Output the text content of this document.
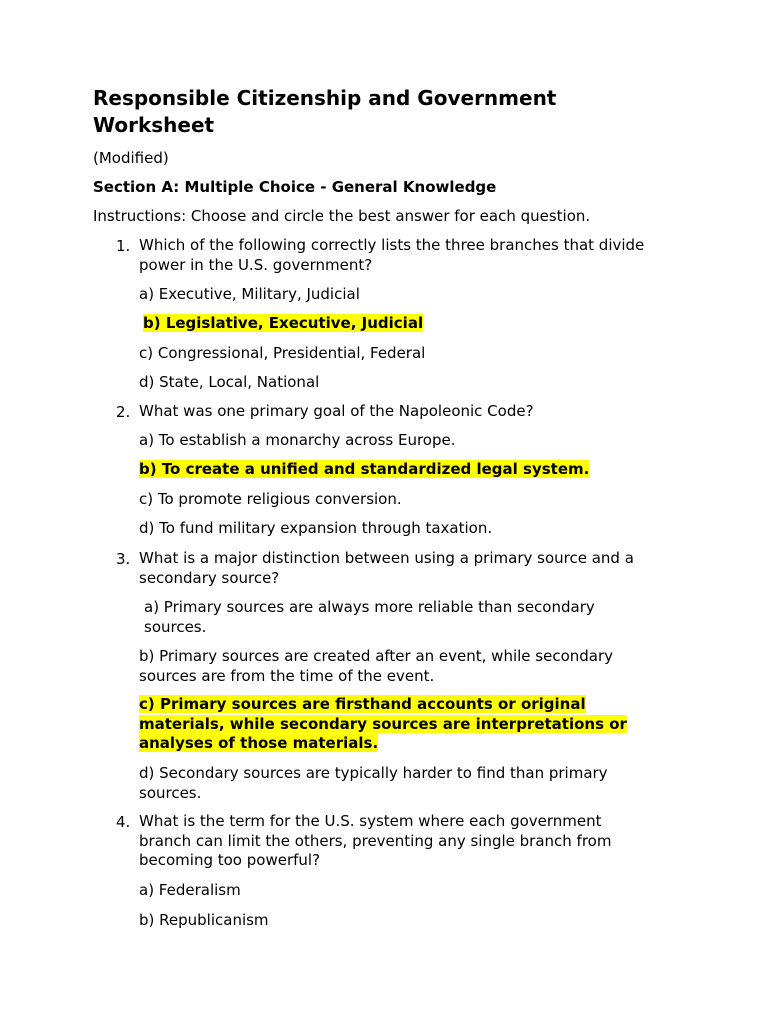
Responsible Citizenship and Government Worksheet

(Modified)

Section A: Multiple Choice - General Knowledge

Instructions: Choose and circle the best answer for each question.

1. Which of the following correctly lists the three branches that divide power in the U.S. government?

a) Executive, Military, Judicial

b) Legislative, Executive, Judicial

c) Congressional, Presidential, Federal

d) State, Local, National

2. What was one primary goal of the Napoleonic Code?

a) To establish a monarchy across Europe.

b) To create a unified and standardized legal system.

c) To promote religious conversion.

d) To fund military expansion through taxation.

3. What is a major distinction between using a primary source and a secondary source?

a) Primary sources are always more reliable than secondary sources.

b) Primary sources are created after an event, while secondary sources are from the time of the event.

c) Primary sources are firsthand accounts or original materials, while secondary sources are interpretations or analyses of those materials.

d) Secondary sources are typically harder to find than primary sources.

4. What is the term for the U.S. system where each government branch can limit the others, preventing any single branch from becoming too powerful?

a) Federalism

b) Republicanism
